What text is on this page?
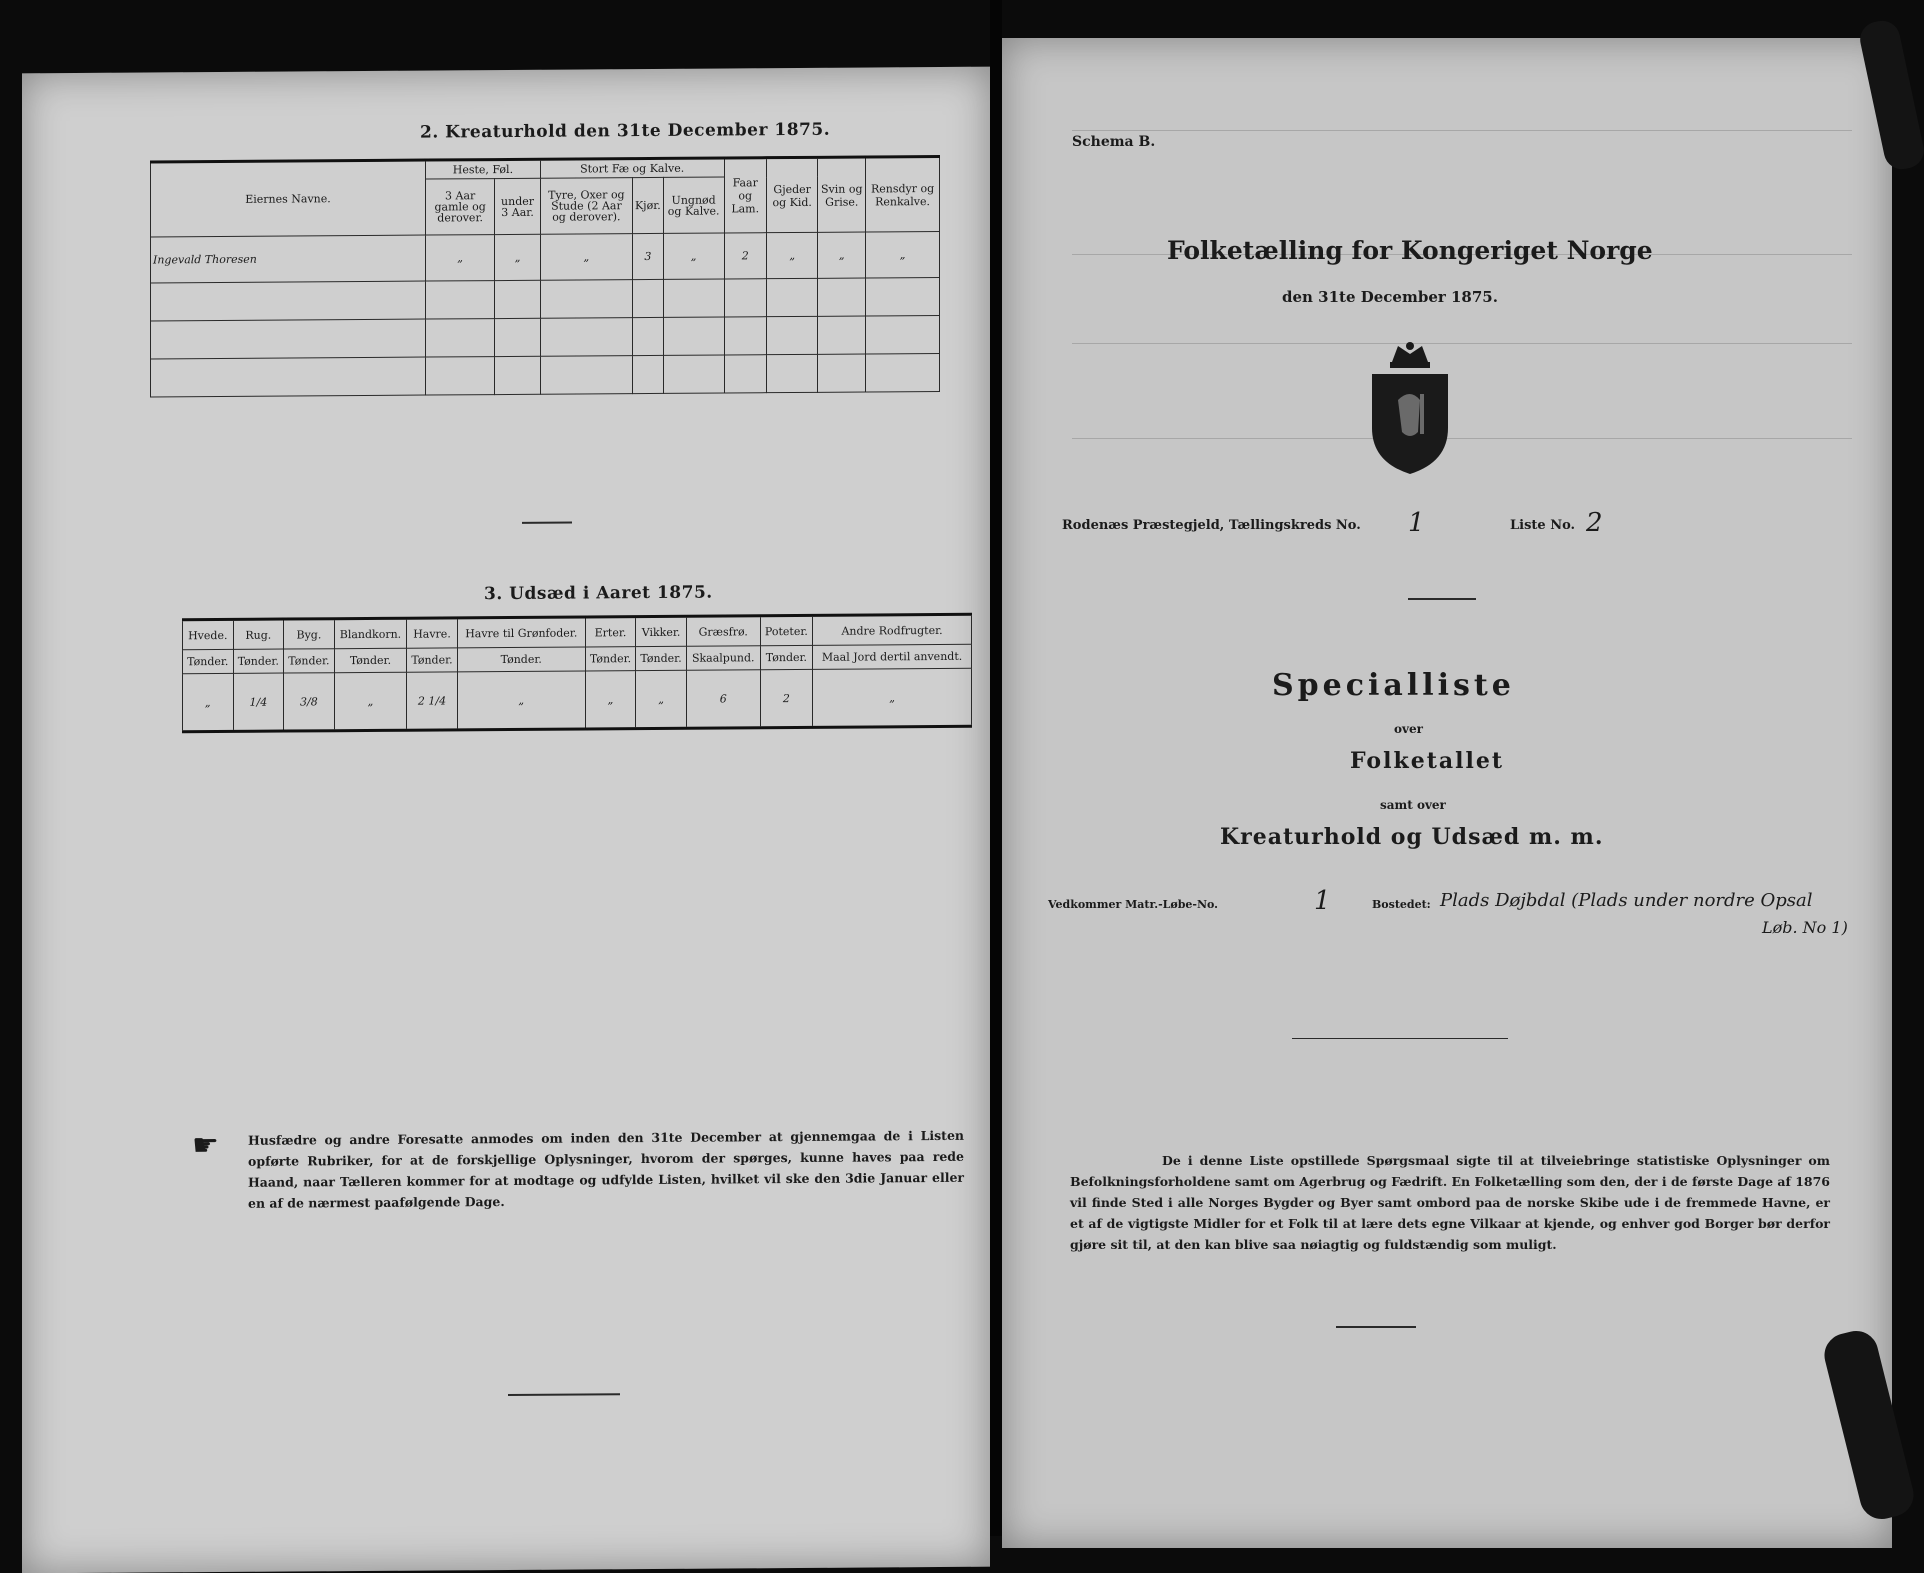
2. Kreaturhold den 31te December 1875.
Eiernes Navne.	Heste, Føl.		Stort Fæ og Kalve.			Faar og Lam.	Gjeder og Kid.	Svin og Grise.	Rensdyr og Renkalve.
	3 Aar gamle og derover.	under 3 Aar.	Tyre, Oxer og Stude (2 Aar og derover).	Kjør.	Ungnød og Kalve.				
Ingevald Thoresen	„	„	„	3	„	2	„	„	„

3. Udsæd i Aaret 1875.
Hvede.	Rug.	Byg.	Blandkorn.	Havre.	Havre til Grønfoder.	Erter.	Vikker.	Græsfrø.	Poteter.	Andre Rodfrugter.
Tønder.	Tønder.	Tønder.	Tønder.	Tønder.	Tønder.	Tønder.	Tønder.	Skaalpund.	Tønder.	Maal Jord dertil anvendt.
„	1/4	3/8	„	2 1/4	„	„	„	6	2	„
☛ Husfædre og andre Foresatte anmodes om inden den 31te December at gjennemgaa de i Listen opførte Rubriker, for at de forskjellige Oplysninger, hvorom der spørges, kunne haves paa rede Haand, naar Tælleren kommer for at modtage og udfylde Listen, hvilket vil ske den 3die Januar eller en af de nærmest paafølgende Dage.
Schema B.
Folketælling for Kongeriget Norge
den 31te December 1875.
Rodenæs Præstegjeld, Tællingskreds No. 1	Liste No. 2
Specialliste
over
Folketallet
samt over
Kreaturhold og Udsæd m. m.
Vedkommer Matr.-Løbe-No.	1	Bostedet: Plads Døjbdal (Plads under nordre Opsal
Løb. No 1)
De i denne Liste opstillede Spørgsmaal sigte til at tilveiebringe statistiske Oplysninger om Befolkningsforholdene samt om Agerbrug og Fædrift. En Folketælling som den, der i de første Dage af 1876 vil finde Sted i alle Norges Bygder og Byer samt ombord paa de norske Skibe ude i de fremmede Havne, er et af de vigtigste Midler for et Folk til at lære dets egne Vilkaar at kjende, og enhver god Borger bør derfor gjøre sit til, at den kan blive saa nøiagtig og fuldstændig som muligt.
